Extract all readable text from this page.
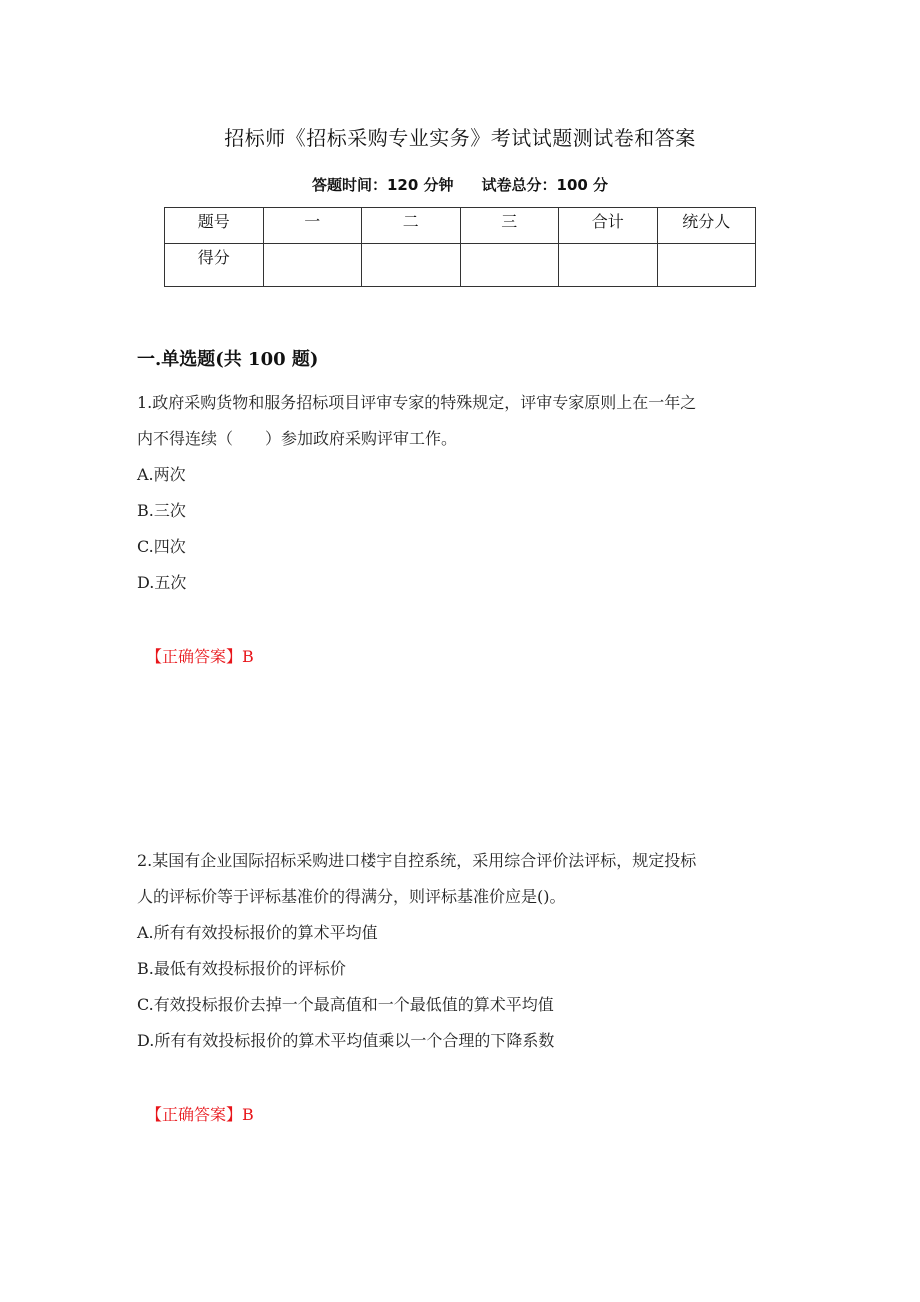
招标师《招标采购专业实务》考试试题测试卷和答案
答题时间：120 分钟 试卷总分：100 分
题号	一	二	三	合计	统分人
得分					
一.单选题(共 100 题)
1.政府采购货物和服务招标项目评审专家的特殊规定，评审专家原则上在一年之
内不得连续（　　）参加政府采购评审工作。
A.两次
B.三次
C.四次
D.五次
【正确答案】B
2.某国有企业国际招标采购进口楼宇自控系统，采用综合评价法评标，规定投标
人的评标价等于评标基准价的得满分，则评标基准价应是()。
A.所有有效投标报价的算术平均值
B.最低有效投标报价的评标价
C.有效投标报价去掉一个最高值和一个最低值的算术平均值
D.所有有效投标报价的算术平均值乘以一个合理的下降系数
【正确答案】B
